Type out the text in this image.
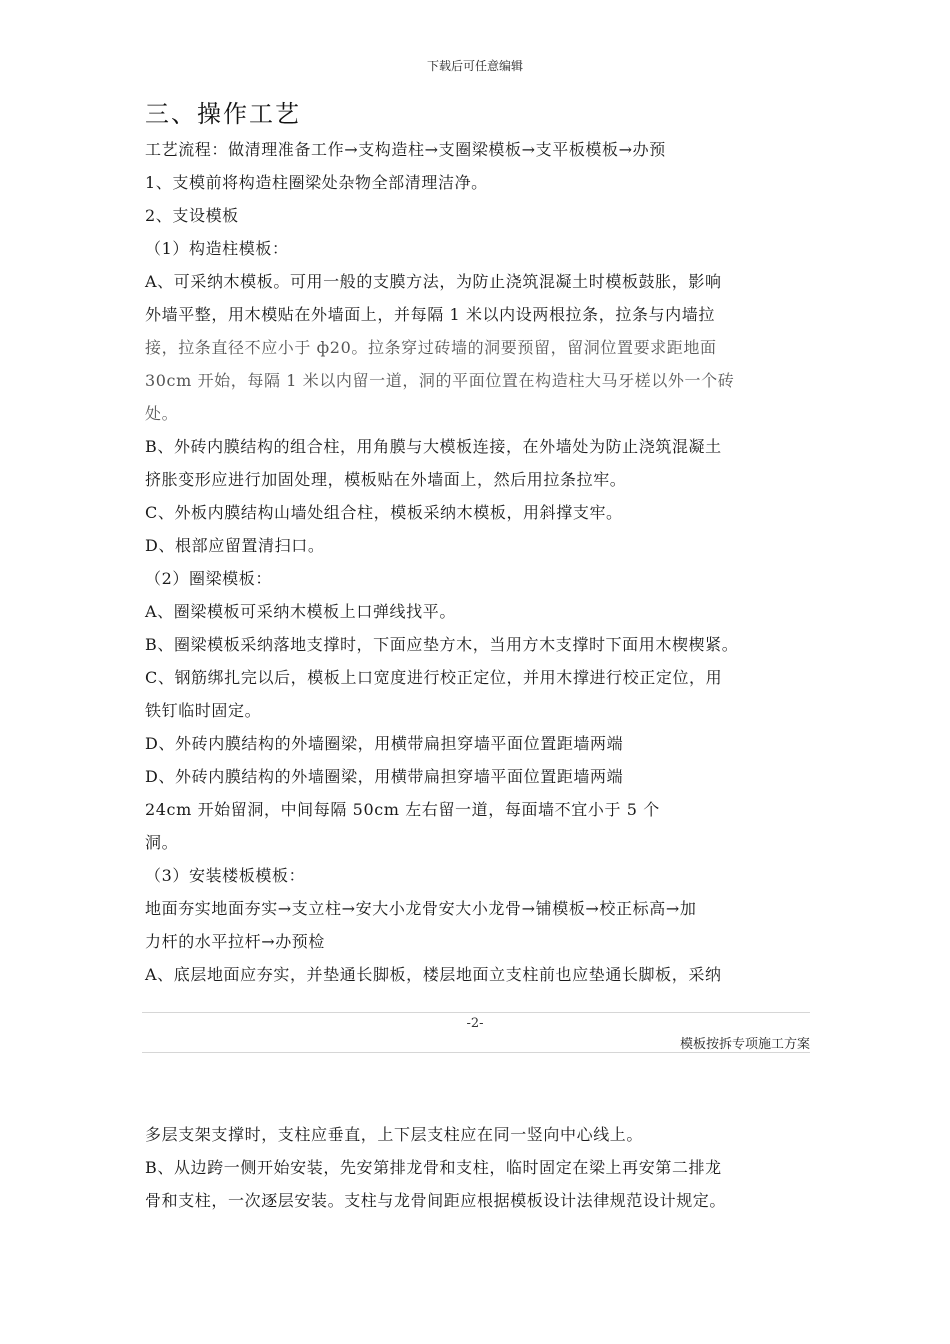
下载后可任意编辑
三、操作工艺
工艺流程：做清理准备工作→支构造柱→支圈梁模板→支平板模板→办预
1、支模前将构造柱圈梁处杂物全部清理洁净。
2、支设模板
（1）构造柱模板：
A、可采纳木模板。可用一般的支膜方法，为防止浇筑混凝土时模板鼓胀，影响
外墙平整，用木模贴在外墙面上，并每隔 1 米以内设两根拉条，拉条与内墙拉
接，拉条直径不应小于 ф20。拉条穿过砖墙的洞要预留，留洞位置要求距地面
30cm 开始，每隔 1 米以内留一道，洞的平面位置在构造柱大马牙槎以外一个砖
处。
B、外砖内膜结构的组合柱，用角膜与大模板连接，在外墙处为防止浇筑混凝土
挤胀变形应进行加固处理，模板贴在外墙面上，然后用拉条拉牢。
C、外板内膜结构山墙处组合柱，模板采纳木模板，用斜撑支牢。
D、根部应留置清扫口。
（2）圈梁模板：
A、圈梁模板可采纳木模板上口弹线找平。
B、圈梁模板采纳落地支撑时，下面应垫方木，当用方木支撑时下面用木楔楔紧。
C、钢筋绑扎完以后，模板上口宽度进行校正定位，并用木撑进行校正定位，用
铁钉临时固定。
D、外砖内膜结构的外墙圈梁，用横带扁担穿墙平面位置距墙两端
D、外砖内膜结构的外墙圈梁，用横带扁担穿墙平面位置距墙两端
24cm 开始留洞，中间每隔 50cm 左右留一道，每面墙不宜小于 5 个
洞。
（3）安装楼板模板：
地面夯实地面夯实→支立柱→安大小龙骨安大小龙骨→铺模板→校正标高→加
力杆的水平拉杆→办预检
A、底层地面应夯实，并垫通长脚板，楼层地面立支柱前也应垫通长脚板，采纳
-2-
模板按拆专项施工方案
多层支架支撑时，支柱应垂直，上下层支柱应在同一竖向中心线上。
B、从边跨一侧开始安装，先安第排龙骨和支柱，临时固定在梁上再安第二排龙
骨和支柱，一次逐层安装。支柱与龙骨间距应根据模板设计法律规范设计规定。
